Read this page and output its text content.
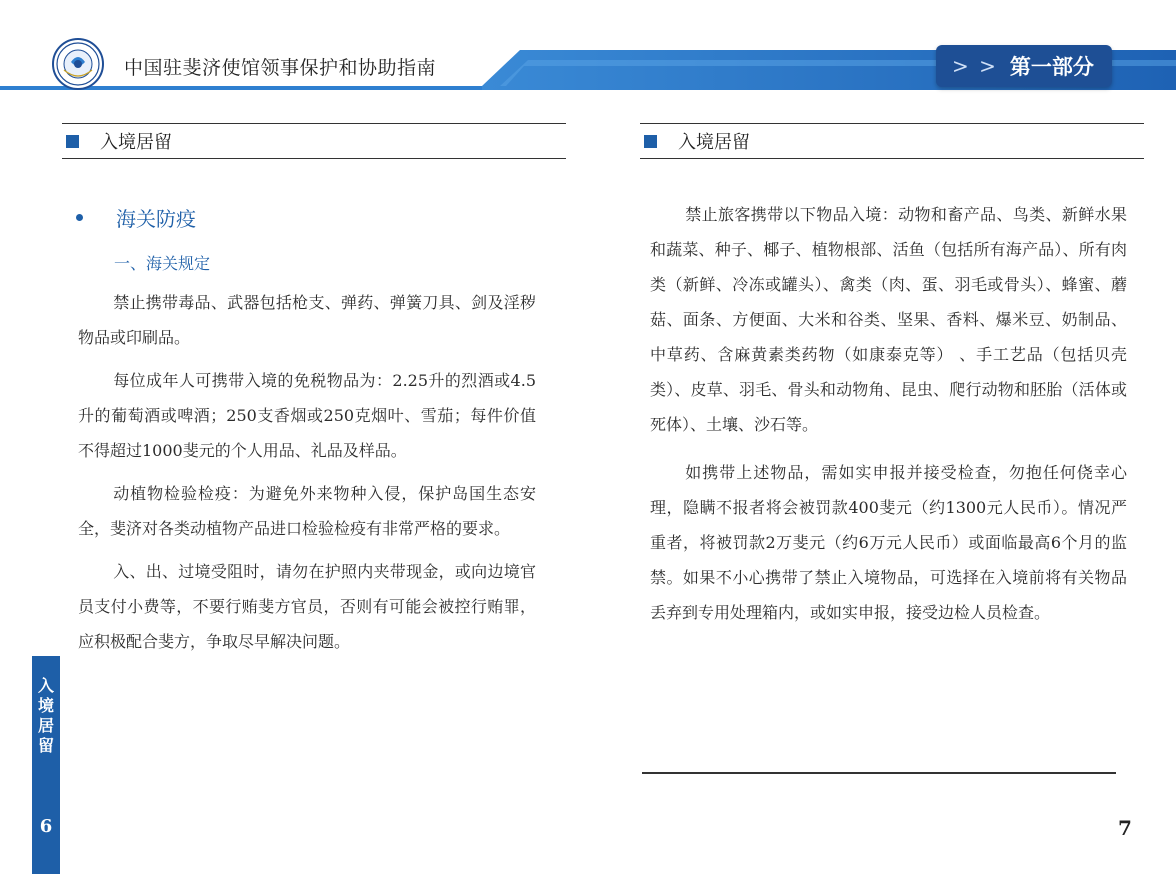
中国驻斐济使馆领事保护和协助指南	> > 第一部分
入境居留
海关防疫
一、海关规定

禁止携带毒品、武器包括枪支、弹药、弹簧刀具、剑及淫秽物品或印刷品。

每位成年人可携带入境的免税物品为：2.25升的烈酒或4.5升的葡萄酒或啤酒；250支香烟或250克烟叶、雪茄；每件价值不得超过1000斐元的个人用品、礼品及样品。

动植物检验检疫：为避免外来物种入侵，保护岛国生态安全，斐济对各类动植物产品进口检验检疫有非常严格的要求。

入、出、过境受阻时，请勿在护照内夹带现金，或向边境官员支付小费等，不要行贿斐方官员，否则有可能会被控行贿罪，应积极配合斐方，争取尽早解决问题。

入
境
居
留
6
入境居留

禁止旅客携带以下物品入境：动物和畜产品、鸟类、新鲜水果和蔬菜、种子、椰子、植物根部、活鱼（包括所有海产品）、所有肉类（新鲜、冷冻或罐头）、禽类（肉、蛋、羽毛或骨头）、蜂蜜、蘑菇、面条、方便面、大米和谷类、坚果、香料、爆米豆、奶制品、中草药、含麻黄素类药物（如康泰克等） 、手工艺品（包括贝壳类）、皮草、羽毛、骨头和动物角、昆虫、爬行动物和胚胎（活体或死体）、土壤、沙石等。

如携带上述物品，需如实申报并接受检查，勿抱任何侥幸心理，隐瞒不报者将会被罚款400斐元（约1300元人民币）。情况严重者，将被罚款2万斐元（约6万元人民币）或面临最高6个月的监禁。如果不小心携带了禁止入境物品，可选择在入境前将有关物品丢弃到专用处理箱内，或如实申报，接受边检人员检查。

7
